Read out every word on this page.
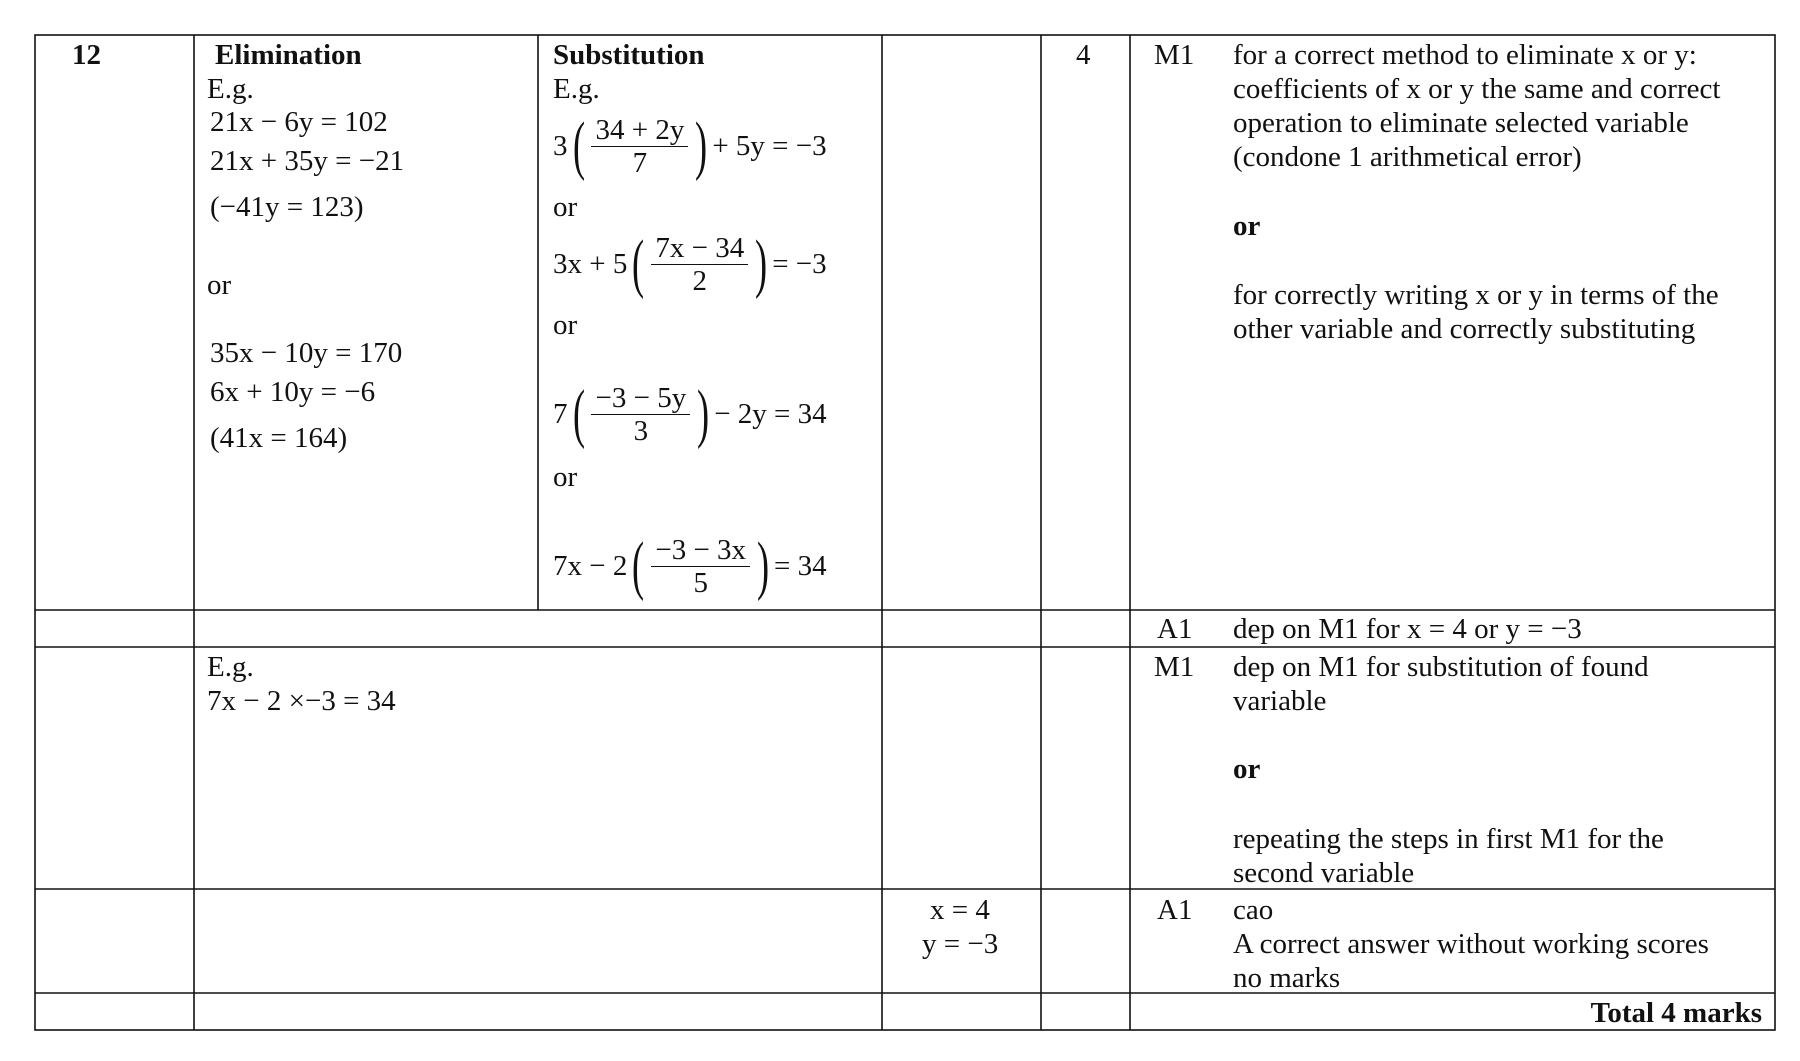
12	Elimination
E.g.
21x − 6y = 102
21x + 35y = −21
(−41y = 123)
or
35x − 10y = 170
6x + 10y = −6
(41x = 164)
Substitution
E.g.
3 ( $\frac{34 + 2y}{7}$ ) + 5y = −3
or
3x + 5 ( $\frac{7x - 34}{2}$ ) = −3
or
7 ( $\frac{-3 - 5y}{3}$ ) − 2y = 34
or
7x − 2 ( $\frac{-3 - 3x}{5}$ ) = 34
4 M1 for a correct method to eliminate x or y:
coefficients of x or y the same and correct
operation to eliminate selected variable
(condone 1 arithmetical error)
or
for correctly writing x or y in terms of the
other variable and correctly substituting
A1 dep on M1 for x = 4 or y = −3
E.g.
7x − 2 ×−3 = 34
M1 dep on M1 for substitution of found
variable
or
repeating the steps in first M1 for the
second variable
x = 4
y = −3
A1 cao
A correct answer without working scores
no marks
Total 4 marks
